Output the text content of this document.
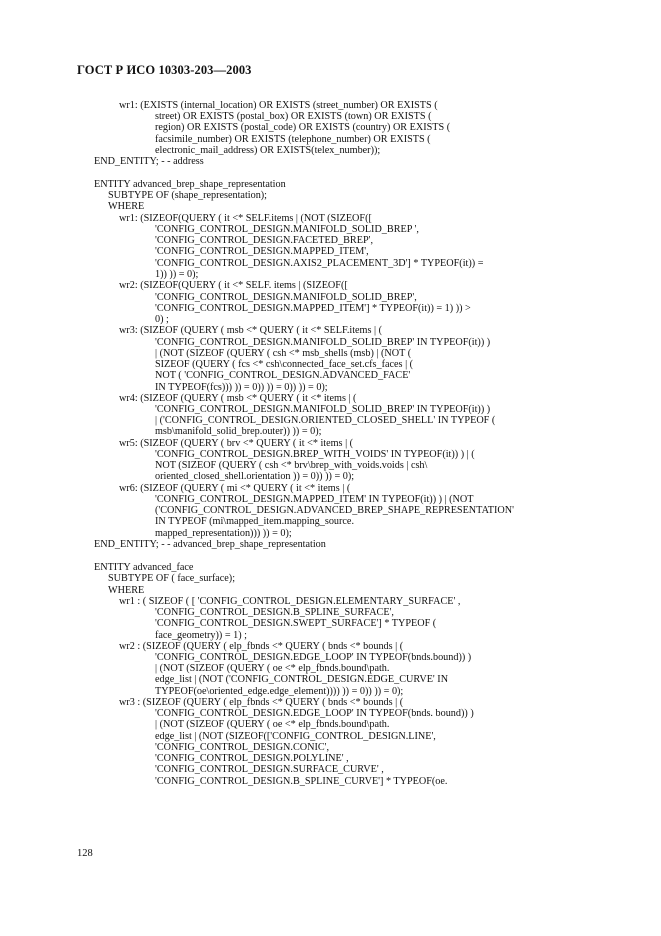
ГОСТ Р ИСО 10303-203—2003
wr1: (EXISTS (internal_location) OR EXISTS (street_number) OR EXISTS (
street) OR EXISTS (postal_box) OR EXISTS (town) OR EXISTS (
region) OR EXISTS (postal_code) OR EXISTS (country) OR EXISTS (
facsimile_number) OR EXISTS (telephone_number) OR EXISTS (
electronic_mail_address) OR EXISTS(telex_number));
END_ENTITY; - - address
ENTITY advanced_brep_shape_representation
SUBTYPE OF (shape_representation);
WHERE
wr1: (SIZEOF(QUERY ( it <* SELF.items | (NOT (SIZEOF([
'CONFIG_CONTROL_DESIGN.MANIFOLD_SOLID_BREP ',
'CONFIG_CONTROL_DESIGN.FACETED_BREP',
'CONFIG_CONTROL_DESIGN.MAPPED_ITEM',
'CONFIG_CONTROL_DESIGN.AXIS2_PLACEMENT_3D'] * TYPEOF(it)) =
1)) )) = 0);
wr2: (SIZEOF(QUERY ( it <* SELF. items | (SIZEOF([
'CONFIG_CONTROL_DESIGN.MANIFOLD_SOLID_BREP',
'CONFIG_CONTROL_DESIGN.MAPPED_ITEM'] * TYPEOF(it)) = 1) )) >
0) ;
wr3: (SIZEOF (QUERY ( msb <* QUERY ( it <* SELF.items | (
'CONFIG_CONTROL_DESIGN.MANIFOLD_SOLID_BREP' IN TYPEOF(it)) )
| (NOT (SIZEOF (QUERY ( csh <* msb_shells (msb) | (NOT (
SIZEOF (QUERY ( fcs <* csh\connected_face_set.cfs_faces | (
NOT ( 'CONFIG_CONTROL_DESIGN.ADVANCED_FACE'
IN TYPEOF(fcs))) )) = 0)) )) = 0)) )) = 0);
wr4: (SIZEOF (QUERY ( msb <* QUERY ( it <* items | (
'CONFIG_CONTROL_DESIGN.MANIFOLD_SOLID_BREP' IN TYPEOF(it)) )
| ('CONFIG_CONTROL_DESIGN.ORIENTED_CLOSED_SHELL' IN TYPEOF (
msb\manifold_solid_brep.outer)) )) = 0);
wr5: (SIZEOF (QUERY ( brv <* QUERY ( it <* items | (
'CONFIG_CONTROL_DESIGN.BREP_WITH_VOIDS' IN TYPEOF(it)) ) | (
NOT (SIZEOF (QUERY ( csh <* brv\brep_with_voids.voids | csh\
oriented_closed_shell.orientation )) = 0)) )) = 0);
wr6: (SIZEOF (QUERY ( mi <* QUERY ( it <* items | (
'CONFIG_CONTROL_DESIGN.MAPPED_ITEM' IN TYPEOF(it)) ) | (NOT
('CONFIG_CONTROL_DESIGN.ADVANCED_BREP_SHAPE_REPRESENTATION'
IN TYPEOF (mi\mapped_item.mapping_source.
mapped_representation))) )) = 0);
END_ENTITY; - - advanced_brep_shape_representation
ENTITY advanced_face
SUBTYPE OF ( face_surface);
WHERE
wr1 : ( SIZEOF ( [ 'CONFIG_CONTROL_DESIGN.ELEMENTARY_SURFACE' ,
'CONFIG_CONTROL_DESIGN.B_SPLINE_SURFACE',
'CONFIG_CONTROL_DESIGN.SWEPT_SURFACE'] * TYPEOF (
face_geometry)) = 1) ;
wr2 : (SIZEOF (QUERY ( elp_fbnds <* QUERY ( bnds <* bounds | (
'CONFIG_CONTROL_DESIGN.EDGE_LOOP' IN TYPEOF(bnds.bound)) )
| (NOT (SIZEOF (QUERY ( oe <* elp_fbnds.bound\path.
edge_list | (NOT ('CONFIG_CONTROL_DESIGN.EDGE_CURVE' IN
TYPEOF(oe\oriented_edge.edge_element)))) )) = 0)) )) = 0);
wr3 : (SIZEOF (QUERY ( elp_fbnds <* QUERY ( bnds <* bounds | (
'CONFIG_CONTROL_DESIGN.EDGE_LOOP' IN TYPEOF(bnds. bound)) )
| (NOT (SIZEOF (QUERY ( oe <* elp_fbnds.bound\path.
edge_list | (NOT (SIZEOF(['CONFIG_CONTROL_DESIGN.LINE',
'CONFIG_CONTROL_DESIGN.CONIC',
'CONFIG_CONTROL_DESIGN.POLYLINE' ,
'CONFIG_CONTROL_DESIGN.SURFACE_CURVE' ,
'CONFIG_CONTROL_DESIGN.B_SPLINE_CURVE'] * TYPEOF(oe.
128
